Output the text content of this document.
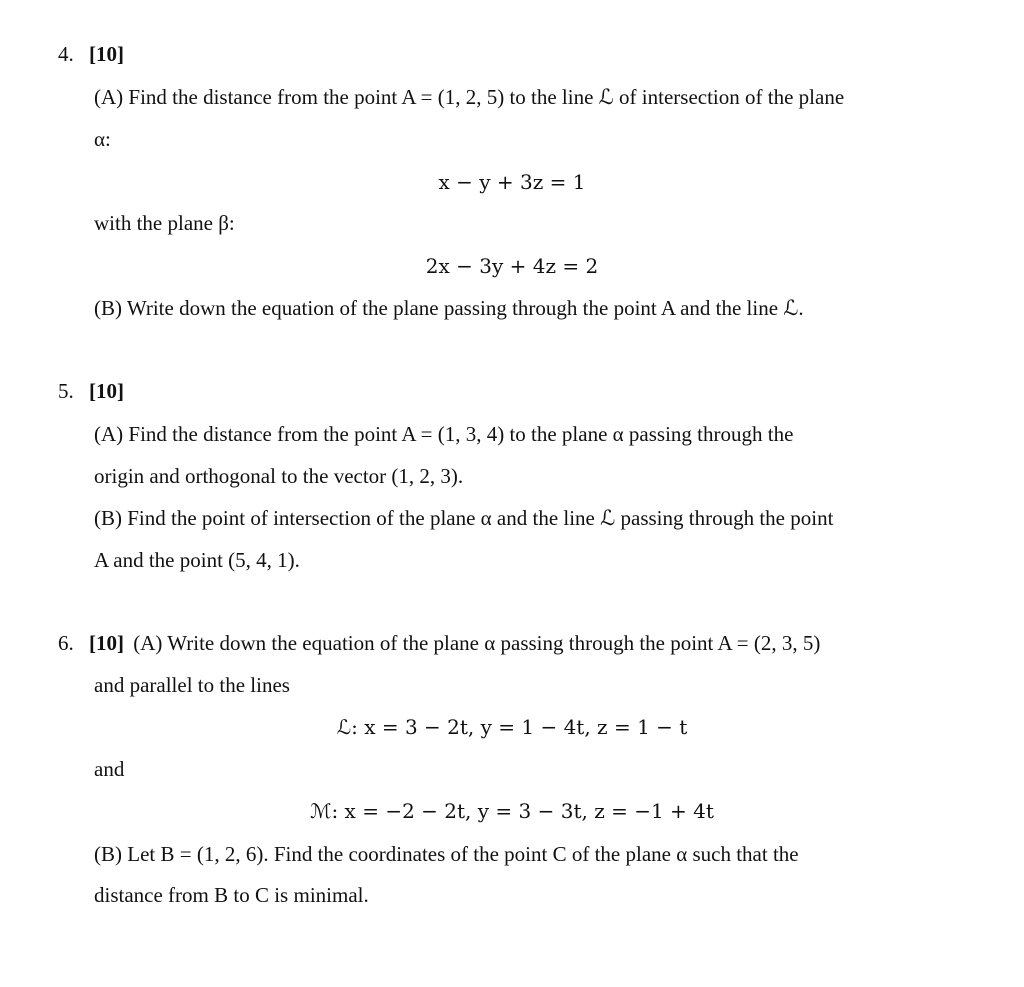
4. [10]
(A) Find the distance from the point A = (1, 2, 5) to the line ℒ of intersection of the plane
α:
x − y + 3z = 1
with the plane β:
2x − 3y + 4z = 2
(B) Write down the equation of the plane passing through the point A and the line ℒ.
5. [10]
(A) Find the distance from the point A = (1, 3, 4) to the plane α passing through the
origin and orthogonal to the vector (1, 2, 3).
(B) Find the point of intersection of the plane α and the line ℒ passing through the point
A and the point (5, 4, 1).
6. [10] (A) Write down the equation of the plane α passing through the point A = (2, 3, 5)
and parallel to the lines
ℒ: x = 3 − 2t, y = 1 − 4t, z = 1 − t
and
ℳ: x = −2 − 2t, y = 3 − 3t, z = −1 + 4t
(B) Let B = (1, 2, 6). Find the coordinates of the point C of the plane α such that the
distance from B to C is minimal.
